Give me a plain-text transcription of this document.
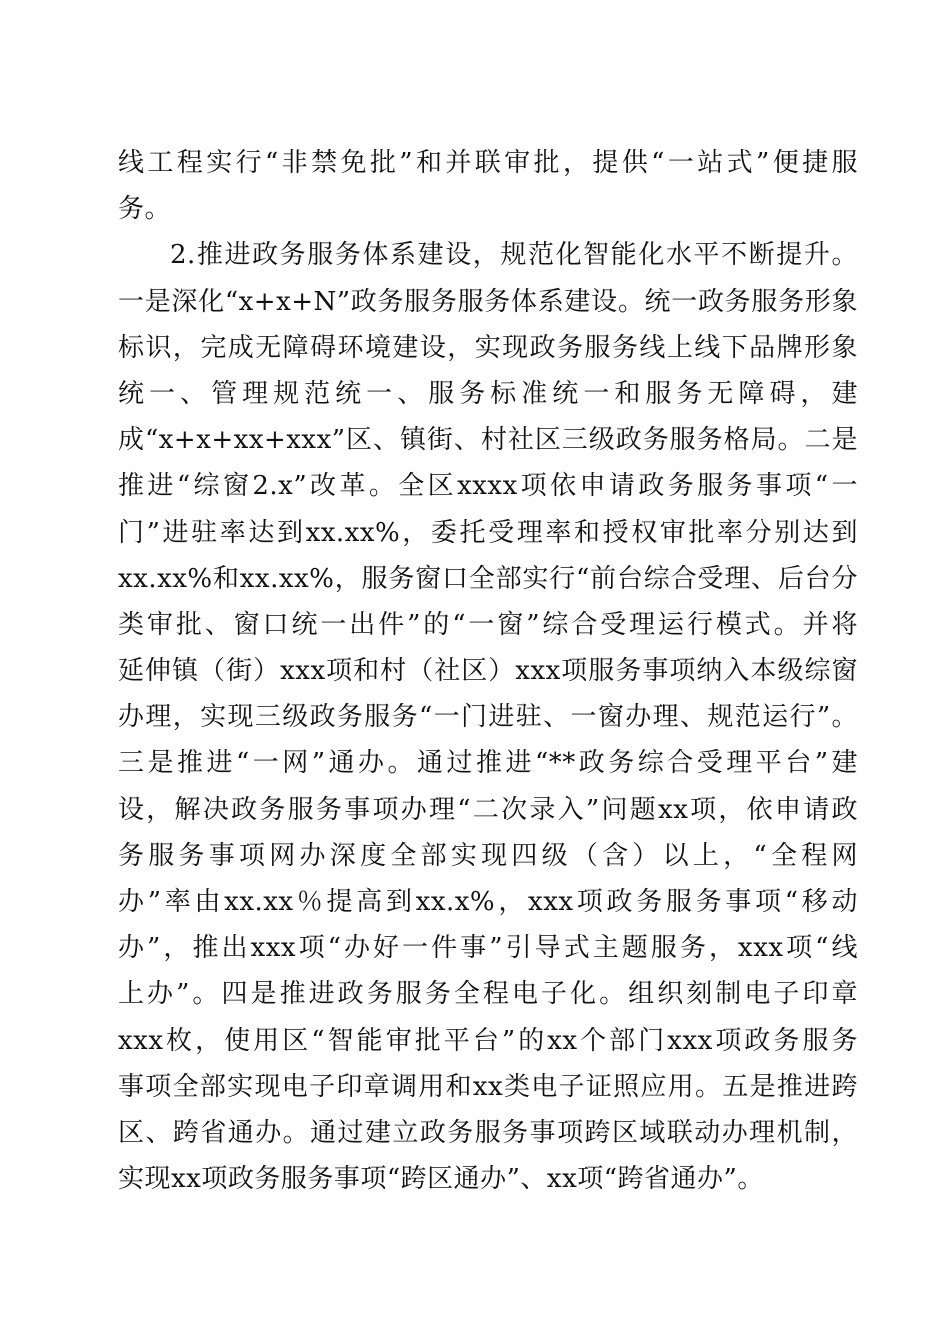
线工程实行“非禁免批”和并联审批，提供“一站式”便捷服
务。
2.推进政务服务体系建设，规范化智能化水平不断提升。
一是深化“x+x+N”政务服务服务体系建设。统一政务服务形象
标识，完成无障碍环境建设，实现政务服务线上线下品牌形象
统一、管理规范统一、服务标准统一和服务无障碍，建
成“x+x+xx+xxx”区、镇街、村社区三级政务服务格局。二是
推进“综窗2.x”改革。全区xxxx项依申请政务服务事项“一
门”进驻率达到xx.xx%，委托受理率和授权审批率分别达到
xx.xx%和xx.xx%，服务窗口全部实行“前台综合受理、后台分
类审批、窗口统一出件”的“一窗”综合受理运行模式。并将
延伸镇（街）xxx项和村（社区）xxx项服务事项纳入本级综窗
办理，实现三级政务服务“一门进驻、一窗办理、规范运行”。
三是推进“一网”通办。通过推进“**政务综合受理平台”建
设，解决政务服务事项办理“二次录入”问题xx项，依申请政
务服务事项网办深度全部实现四级（含）以上，“全程网
办”率由xx.xx％提高到xx.x%，xxx项政务服务事项“移动
办”，推出xxx项“办好一件事”引导式主题服务，xxx项“线
上办”。四是推进政务服务全程电子化。组织刻制电子印章
xxx枚，使用区“智能审批平台”的xx个部门xxx项政务服务
事项全部实现电子印章调用和xx类电子证照应用。五是推进跨
区、跨省通办。通过建立政务服务事项跨区域联动办理机制，
实现xx项政务服务事项“跨区通办”、xx项“跨省通办”。
